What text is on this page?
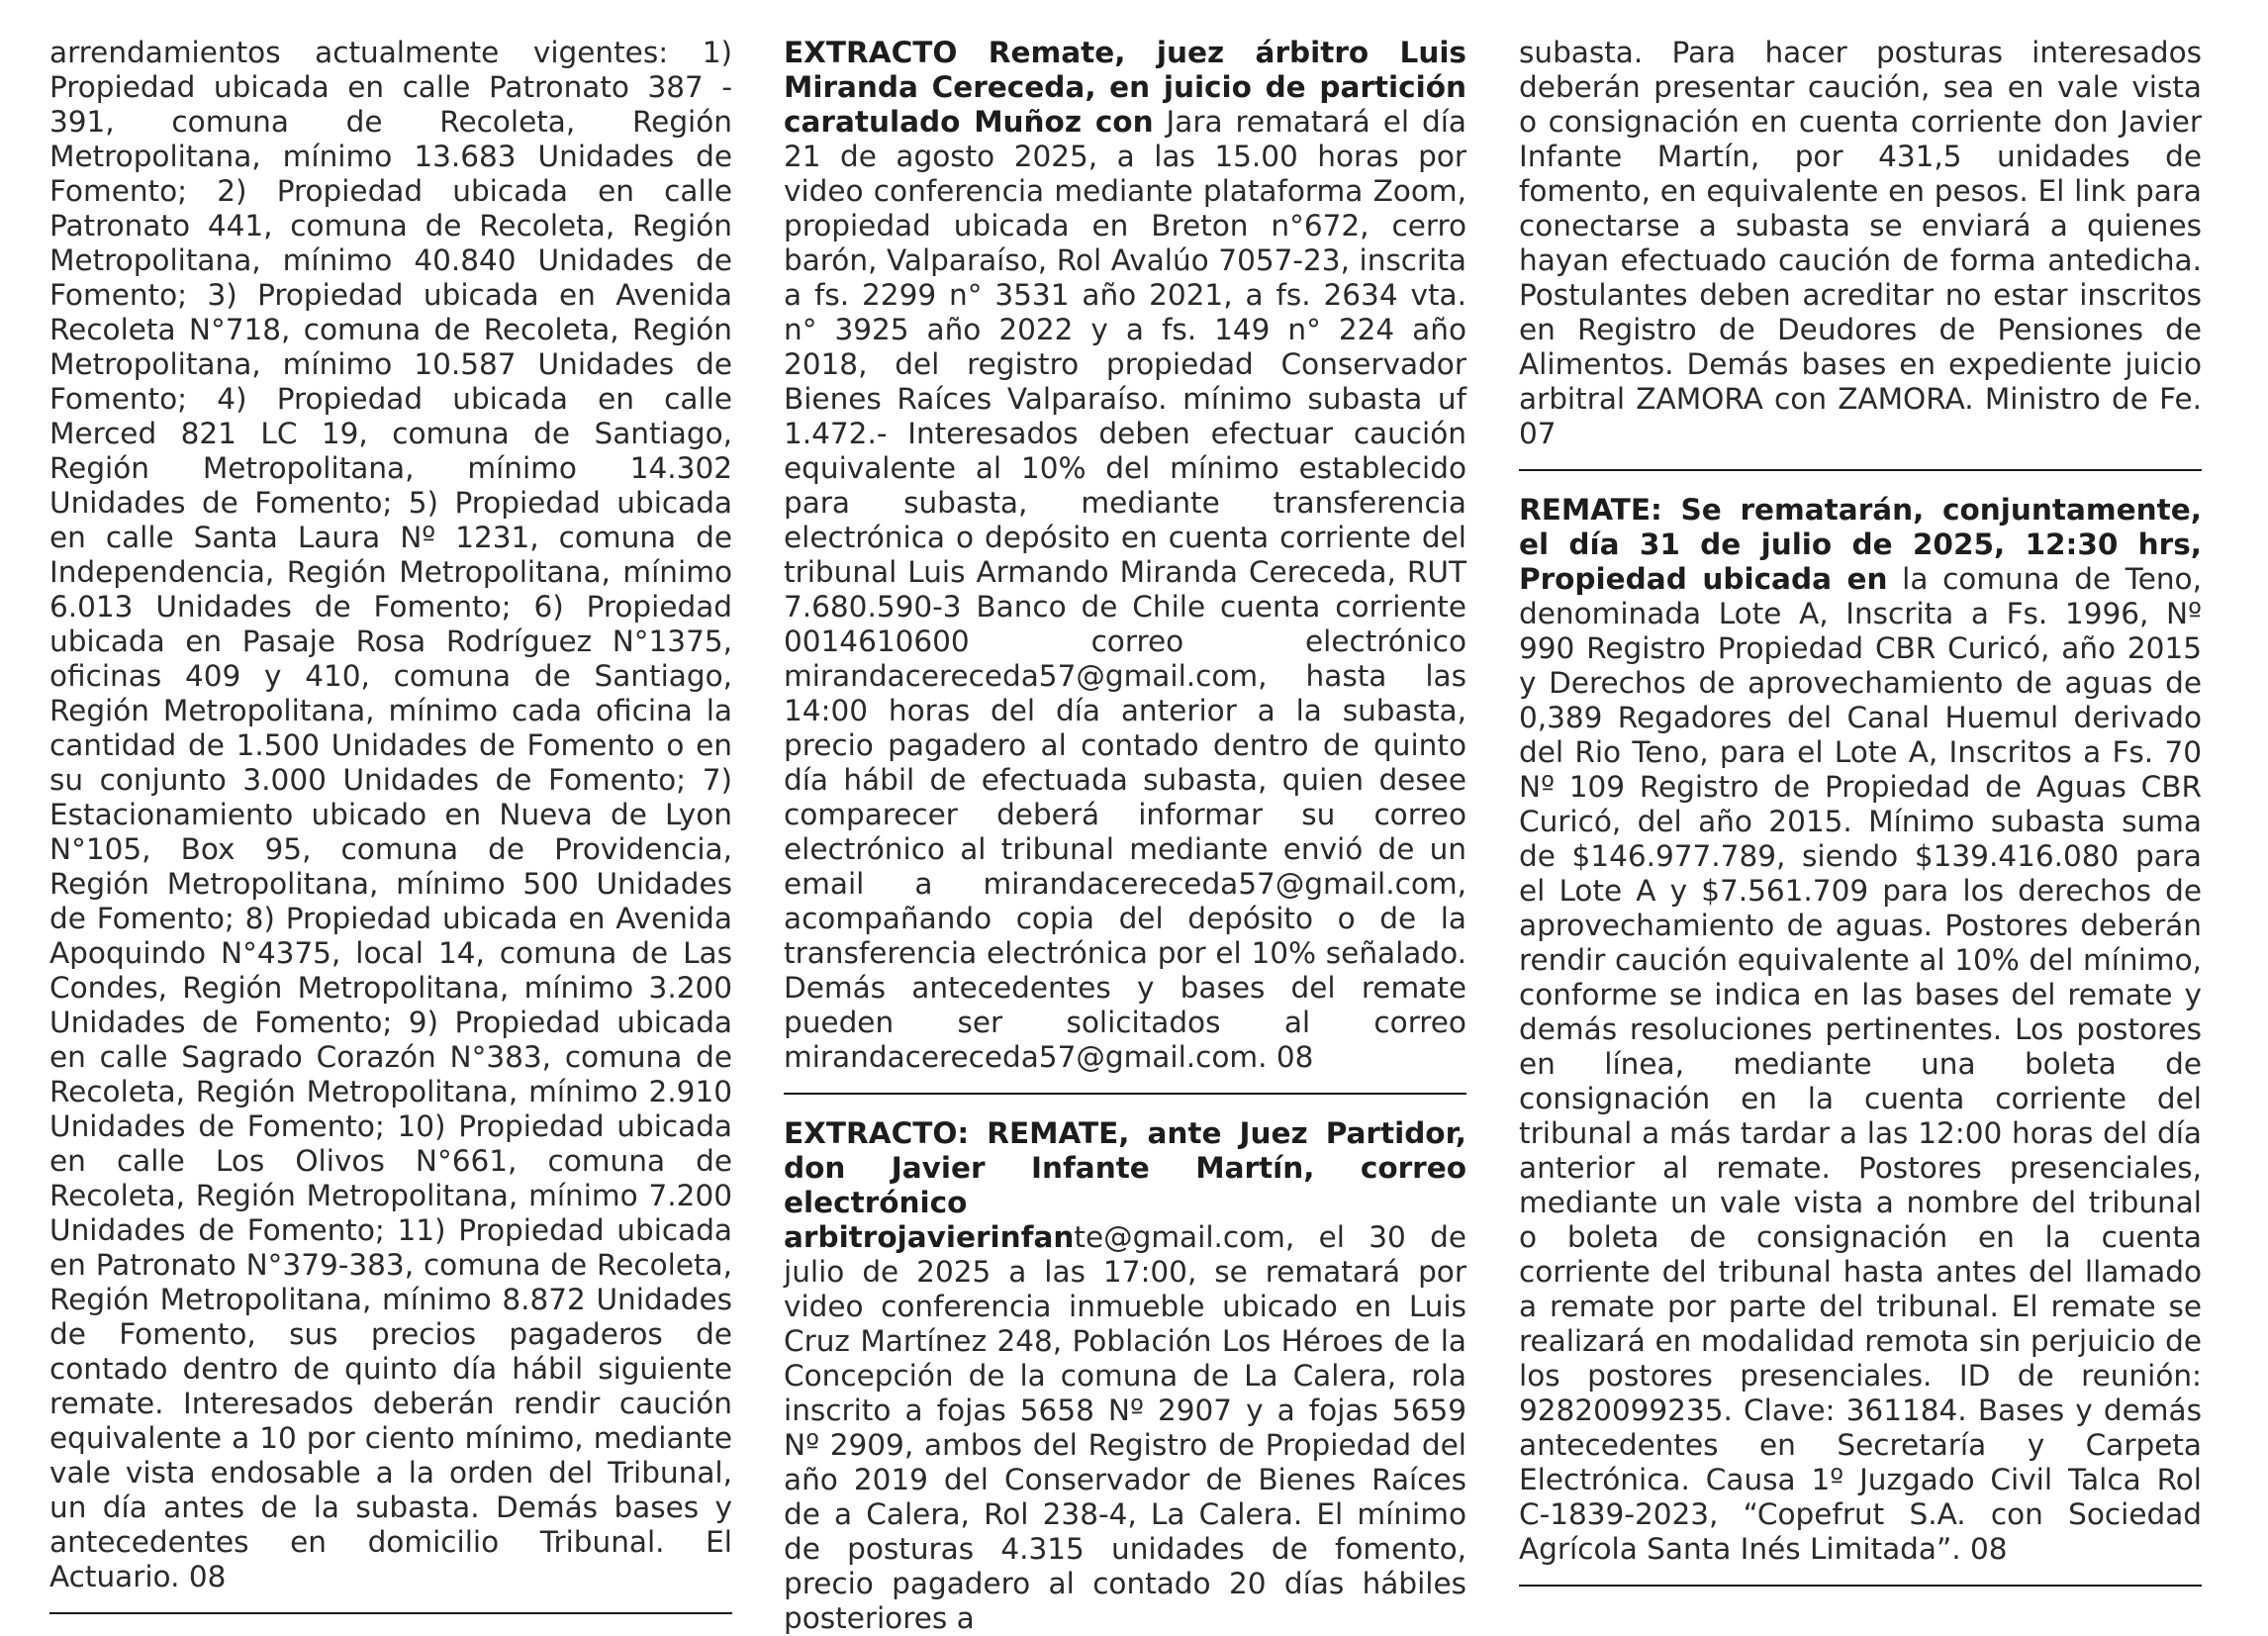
arrendamientos actualmente vigentes: 1) Propiedad ubicada en calle Patronato 387 - 391, comuna de Recoleta, Región Metropolitana, mínimo 13.683 Unidades de Fomento; 2) Propiedad ubicada en calle Patronato 441, comuna de Recoleta, Región Metropolitana, mínimo 40.840 Unidades de Fomento; 3) Propiedad ubicada en Avenida Recoleta N°718, comuna de Recoleta, Región Metropolitana, mínimo 10.587 Unidades de Fomento; 4) Propiedad ubicada en calle Merced 821 LC 19, comuna de Santiago, Región Metropolitana, mínimo 14.302 Unidades de Fomento; 5) Propiedad ubicada en calle Santa Laura Nº 1231, comuna de Independencia, Región Metropolitana, mínimo 6.013 Unidades de Fomento; 6) Propiedad ubicada en Pasaje Rosa Rodríguez N°1375, oficinas 409 y 410, comuna de Santiago, Región Metropolitana, mínimo cada oficina la cantidad de 1.500 Unidades de Fomento o en su conjunto 3.000 Unidades de Fomento; 7) Estacionamiento ubicado en Nueva de Lyon N°105, Box 95, comuna de Providencia, Región Metropolitana, mínimo 500 Unidades de Fomento; 8) Propiedad ubicada en Avenida Apoquindo N°4375, local 14, comuna de Las Condes, Región Metropolitana, mínimo 3.200 Unidades de Fomento; 9) Propiedad ubicada en calle Sagrado Corazón N°383, comuna de Recoleta, Región Metropolitana, mínimo 2.910 Unidades de Fomento; 10) Propiedad ubicada en calle Los Olivos N°661, comuna de Recoleta, Región Metropolitana, mínimo 7.200 Unidades de Fomento; 11) Propiedad ubicada en Patronato N°379-383, comuna de Recoleta, Región Metropolitana, mínimo 8.872 Unidades de Fomento, sus precios pagaderos de contado dentro de quinto día hábil siguiente remate. Interesados deberán rendir caución equivalente a 10 por ciento mínimo, mediante vale vista endosable a la orden del Tribunal, un día antes de la subasta. Demás bases y antecedentes en domicilio Tribunal. El Actuario. 08

EXTRACTO Remate, juez árbitro Luis Miranda Cereceda, en juicio de partición caratulado Muñoz con Jara rematará el día 21 de agosto 2025, a las 15.00 horas por video conferencia mediante plataforma Zoom, propiedad ubicada en Breton n°672, cerro barón, Valparaíso, Rol Avalúo 7057-23, inscrita a fs. 2299 n° 3531 año 2021, a fs. 2634 vta. n° 3925 año 2022 y a fs. 149 n° 224 año 2018, del registro propiedad Conservador Bienes Raíces Valparaíso. mínimo subasta uf 1.472.- Interesados deben efectuar caución equivalente al 10% del mínimo establecido para subasta, mediante transferencia electrónica o depósito en cuenta corriente del tribunal Luis Armando Miranda Cereceda, RUT 7.680.590-3 Banco de Chile cuenta corriente 0014610600 correo electrónico mirandacereceda57@gmail.com, hasta las 14:00 horas del día anterior a la subasta, precio pagadero al contado dentro de quinto día hábil de efectuada subasta, quien desee comparecer deberá informar su correo electrónico al tribunal mediante envió de un email a mirandacereceda57@gmail.com, acompañando copia del depósito o de la transferencia electrónica por el 10% señalado. Demás antecedentes y bases del remate pueden ser solicitados al correo mirandacereceda57@gmail.com. 08

EXTRACTO: REMATE, ante Juez Partidor, don Javier Infante Martín, correo electrónico arbitrojavierinfante@gmail.com, el 30 de julio de 2025 a las 17:00, se rematará por video conferencia inmueble ubicado en Luis Cruz Martínez 248, Población Los Héroes de la Concepción de la comuna de La Calera, rola inscrito a fojas 5658 Nº 2907 y a fojas 5659 Nº 2909, ambos del Registro de Propiedad del año 2019 del Conservador de Bienes Raíces de a Calera, Rol 238-4, La Calera. El mínimo de posturas 4.315 unidades de fomento, precio pagadero al contado 20 días hábiles posteriores a

subasta. Para hacer posturas interesados deberán presentar caución, sea en vale vista o consignación en cuenta corriente don Javier Infante Martín, por 431,5 unidades de fomento, en equivalente en pesos. El link para conectarse a subasta se enviará a quienes hayan efectuado caución de forma antedicha. Postulantes deben acreditar no estar inscritos en Registro de Deudores de Pensiones de Alimentos. Demás bases en expediente juicio arbitral ZAMORA con ZAMORA. Ministro de Fe. 07

REMATE: Se rematarán, conjuntamente, el día 31 de julio de 2025, 12:30 hrs, Propiedad ubicada en la comuna de Teno, denominada Lote A, Inscrita a Fs. 1996, Nº 990 Registro Propiedad CBR Curicó, año 2015 y Derechos de aprovechamiento de aguas de 0,389 Regadores del Canal Huemul derivado del Rio Teno, para el Lote A, Inscritos a Fs. 70 Nº 109 Registro de Propiedad de Aguas CBR Curicó, del año 2015. Mínimo subasta suma de $146.977.789, siendo $139.416.080 para el Lote A y $7.561.709 para los derechos de aprovechamiento de aguas. Postores deberán rendir caución equivalente al 10% del mínimo, conforme se indica en las bases del remate y demás resoluciones pertinentes. Los postores en línea, mediante una boleta de consignación en la cuenta corriente del tribunal a más tardar a las 12:00 horas del día anterior al remate. Postores presenciales, mediante un vale vista a nombre del tribunal o boleta de consignación en la cuenta corriente del tribunal hasta antes del llamado a remate por parte del tribunal. El remate se realizará en modalidad remota sin perjuicio de los postores presenciales. ID de reunión: 92820099235. Clave: 361184. Bases y demás antecedentes en Secretaría y Carpeta Electrónica. Causa 1º Juzgado Civil Talca Rol C-1839-2023, “Copefrut S.A. con Sociedad Agrícola Santa Inés Limitada”. 08
